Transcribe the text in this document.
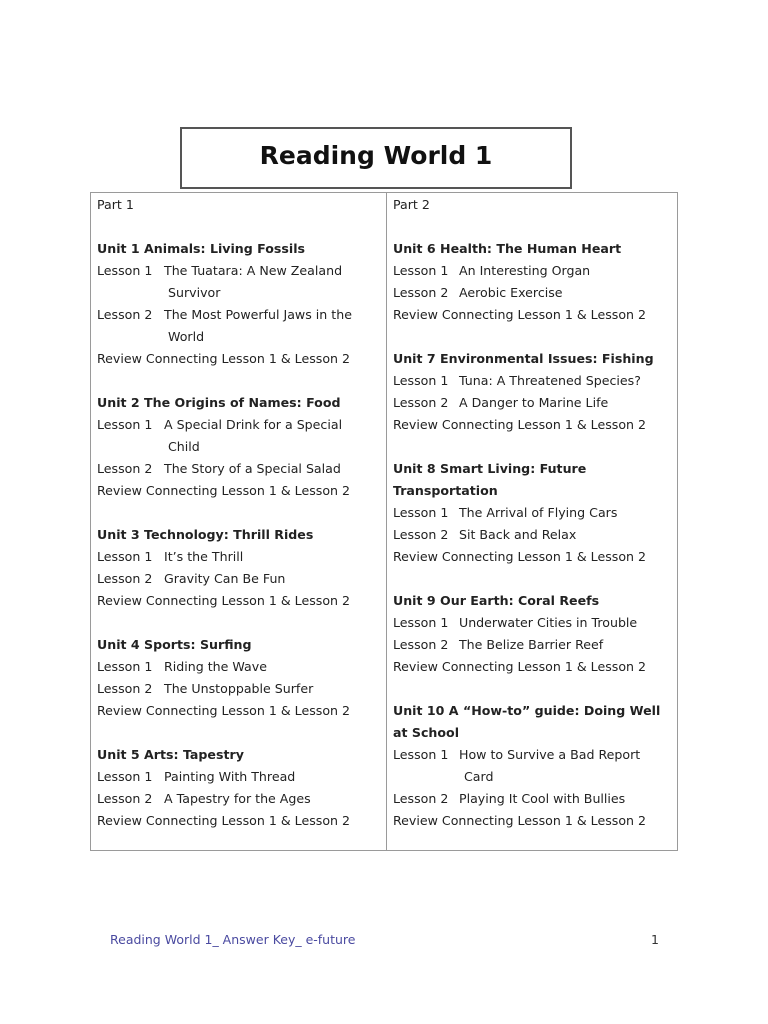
Reading World 1
Part 1
Unit 1 Animals: Living Fossils
Lesson 1 The Tuatara: A New Zealand
Survivor
Lesson 2 The Most Powerful Jaws in the
World
Review Connecting Lesson 1 & Lesson 2
Unit 2 The Origins of Names: Food
Lesson 1 A Special Drink for a Special
Child
Lesson 2 The Story of a Special Salad
Review Connecting Lesson 1 & Lesson 2
Unit 3 Technology: Thrill Rides
Lesson 1 It’s the Thrill
Lesson 2 Gravity Can Be Fun
Review Connecting Lesson 1 & Lesson 2
Unit 4 Sports: Surfing
Lesson 1 Riding the Wave
Lesson 2 The Unstoppable Surfer
Review Connecting Lesson 1 & Lesson 2
Unit 5 Arts: Tapestry
Lesson 1 Painting With Thread
Lesson 2 A Tapestry for the Ages
Review Connecting Lesson 1 & Lesson 2
Part 2
Unit 6 Health: The Human Heart
Lesson 1 An Interesting Organ
Lesson 2 Aerobic Exercise
Review Connecting Lesson 1 & Lesson 2
Unit 7 Environmental Issues: Fishing
Lesson 1 Tuna: A Threatened Species?
Lesson 2 A Danger to Marine Life
Review Connecting Lesson 1 & Lesson 2
Unit 8 Smart Living: Future
Transportation
Lesson 1 The Arrival of Flying Cars
Lesson 2 Sit Back and Relax
Review Connecting Lesson 1 & Lesson 2
Unit 9 Our Earth: Coral Reefs
Lesson 1 Underwater Cities in Trouble
Lesson 2 The Belize Barrier Reef
Review Connecting Lesson 1 & Lesson 2
Unit 10 A “How-to” guide: Doing Well
at School
Lesson 1 How to Survive a Bad Report
Card
Lesson 2 Playing It Cool with Bullies
Review Connecting Lesson 1 & Lesson 2
Reading World 1_ Answer Key_ e-future	1
